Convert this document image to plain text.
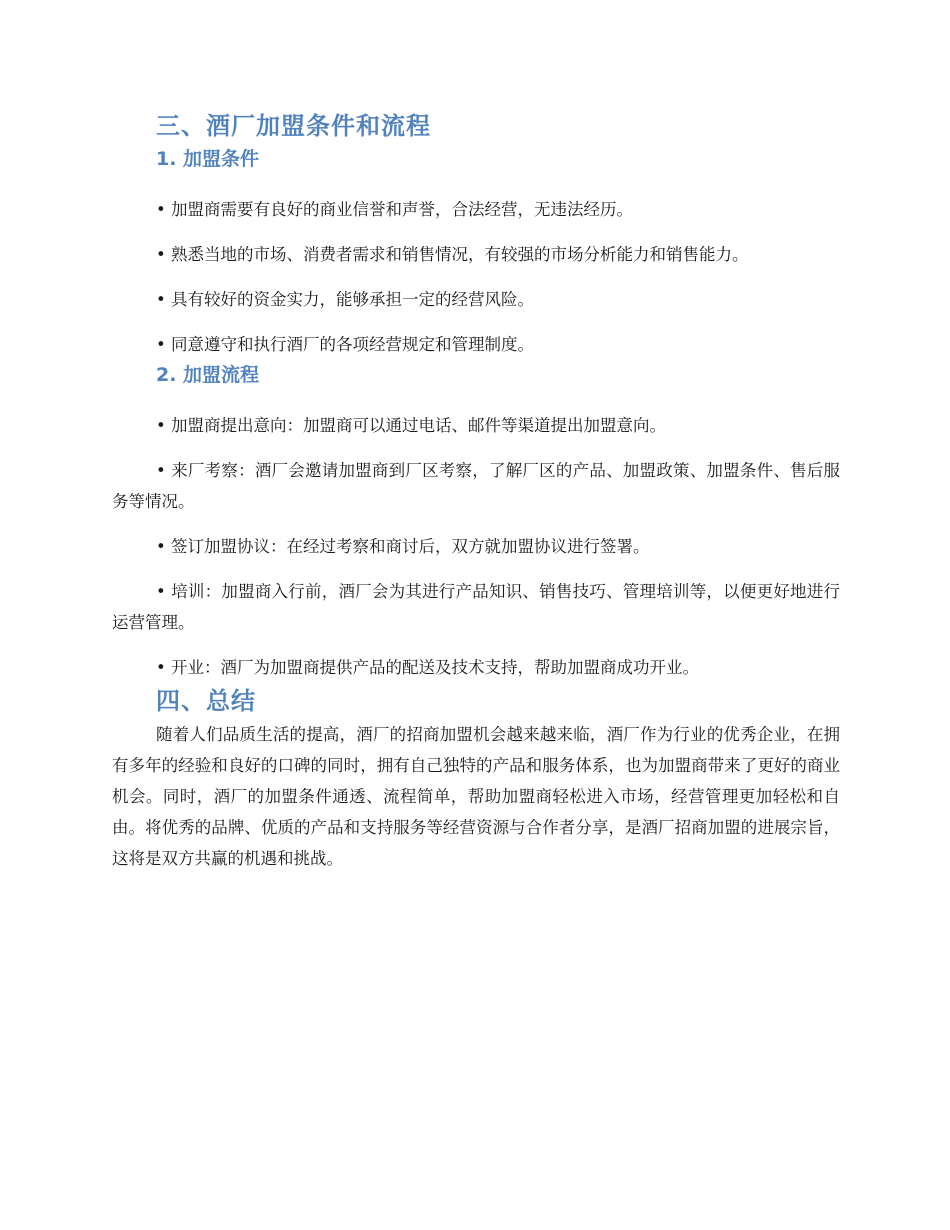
三、酒厂加盟条件和流程
1. 加盟条件

• 加盟商需要有良好的商业信誉和声誉，合法经营，无违法经历。

• 熟悉当地的市场、消费者需求和销售情况，有较强的市场分析能力和销售能力。

• 具有较好的资金实力，能够承担一定的经营风险。

• 同意遵守和执行酒厂的各项经营规定和管理制度。

2. 加盟流程

• 加盟商提出意向：加盟商可以通过电话、邮件等渠道提出加盟意向。

• 来厂考察：酒厂会邀请加盟商到厂区考察，了解厂区的产品、加盟政策、加盟条件、售后服务等情况。

• 签订加盟协议：在经过考察和商讨后，双方就加盟协议进行签署。

• 培训：加盟商入行前，酒厂会为其进行产品知识、销售技巧、管理培训等，以便更好地进行运营管理。

• 开业：酒厂为加盟商提供产品的配送及技术支持，帮助加盟商成功开业。

四、总结

随着人们品质生活的提高，酒厂的招商加盟机会越来越来临，酒厂作为行业的优秀企业，在拥有多年的经验和良好的口碑的同时，拥有自己独特的产品和服务体系，也为加盟商带来了更好的商业机会。同时，酒厂的加盟条件通透、流程简单，帮助加盟商轻松进入市场，经营管理更加轻松和自由。将优秀的品牌、优质的产品和支持服务等经营资源与合作者分享，是酒厂招商加盟的进展宗旨，这将是双方共赢的机遇和挑战。
